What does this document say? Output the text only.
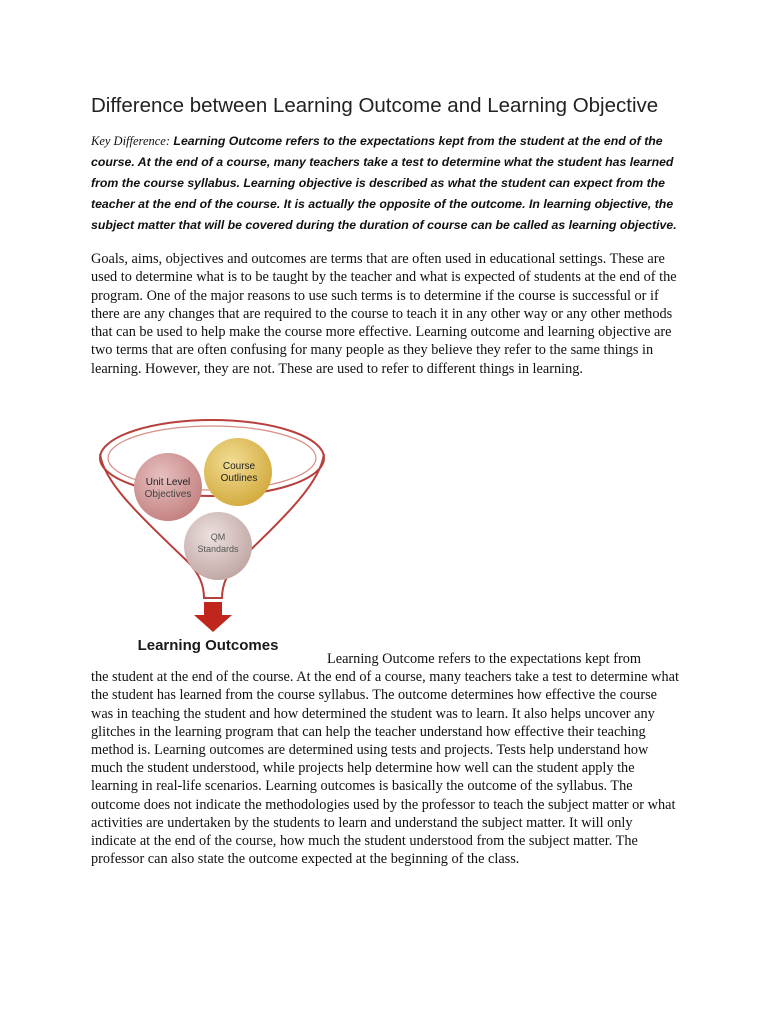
Difference between Learning Outcome and Learning Objective
Key Difference: Learning Outcome refers to the expectations kept from the student at the end of the course. At the end of a course, many teachers take a test to determine what the student has learned from the course syllabus. Learning objective is described as what the student can expect from the teacher at the end of the course. It is actually the opposite of the outcome. In learning objective, the subject matter that will be covered during the duration of course can be called as learning objective.
Goals, aims, objectives and outcomes are terms that are often used in educational settings. These are used to determine what is to be taught by the teacher and what is expected of students at the end of the program. One of the major reasons to use such terms is to determine if the course is successful or if there are any changes that are required to the course to teach it in any other way or any other methods that can be used to help make the course more effective. Learning outcome and learning objective are two terms that are often confusing for many people as they believe they refer to the same things in learning. However, they are not. These are used to refer to different things in learning.
Unit Level
Objectives
Course
Outlines
QM
Standards
Learning Outcomes
Learning Outcome refers to the expectations kept from
the student at the end of the course. At the end of a course, many teachers take a test to determine what the student has learned from the course syllabus. The outcome determines how effective the course was in teaching the student and how determined the student was to learn. It also helps uncover any glitches in the learning program that can help the teacher understand how effective their teaching method is. Learning outcomes are determined using tests and projects. Tests help understand how much the student understood, while projects help determine how well can the student apply the learning in real-life scenarios. Learning outcomes is basically the outcome of the syllabus. The outcome does not indicate the methodologies used by the professor to teach the subject matter or what activities are undertaken by the students to learn and understand the subject matter. It will only indicate at the end of the course, how much the student understood from the subject matter. The professor can also state the outcome expected at the beginning of the class.
